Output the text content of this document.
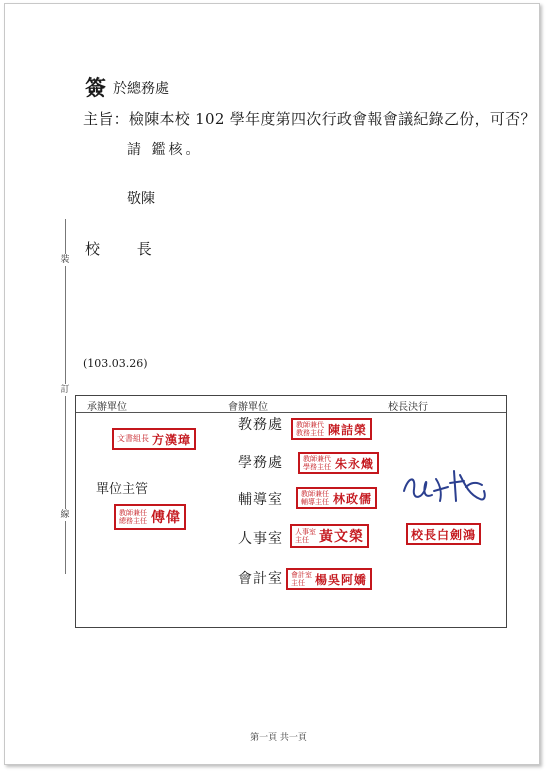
裝
訂
線
簽 於總務處
主旨：檢陳本校 102 學年度第四次行政會報會議紀錄乙份，可否？
請 鑑核。
敬陳
校 長
(103.03.26)
承辦單位	會辦單位	校長決行
文書組長 方漢璋
單位主管
教師兼任總務主任 傅偉
教務處 教師兼代教務主任 陳詰榮
學務處	教師兼代學務主任 朱永熾
輔導室	教師兼任輔導主任 林政儒
人事室 人事室主任 黃文榮
會計室 會計室主任 楊吳阿嬌
校長白劍鴻
第一頁 共一頁
